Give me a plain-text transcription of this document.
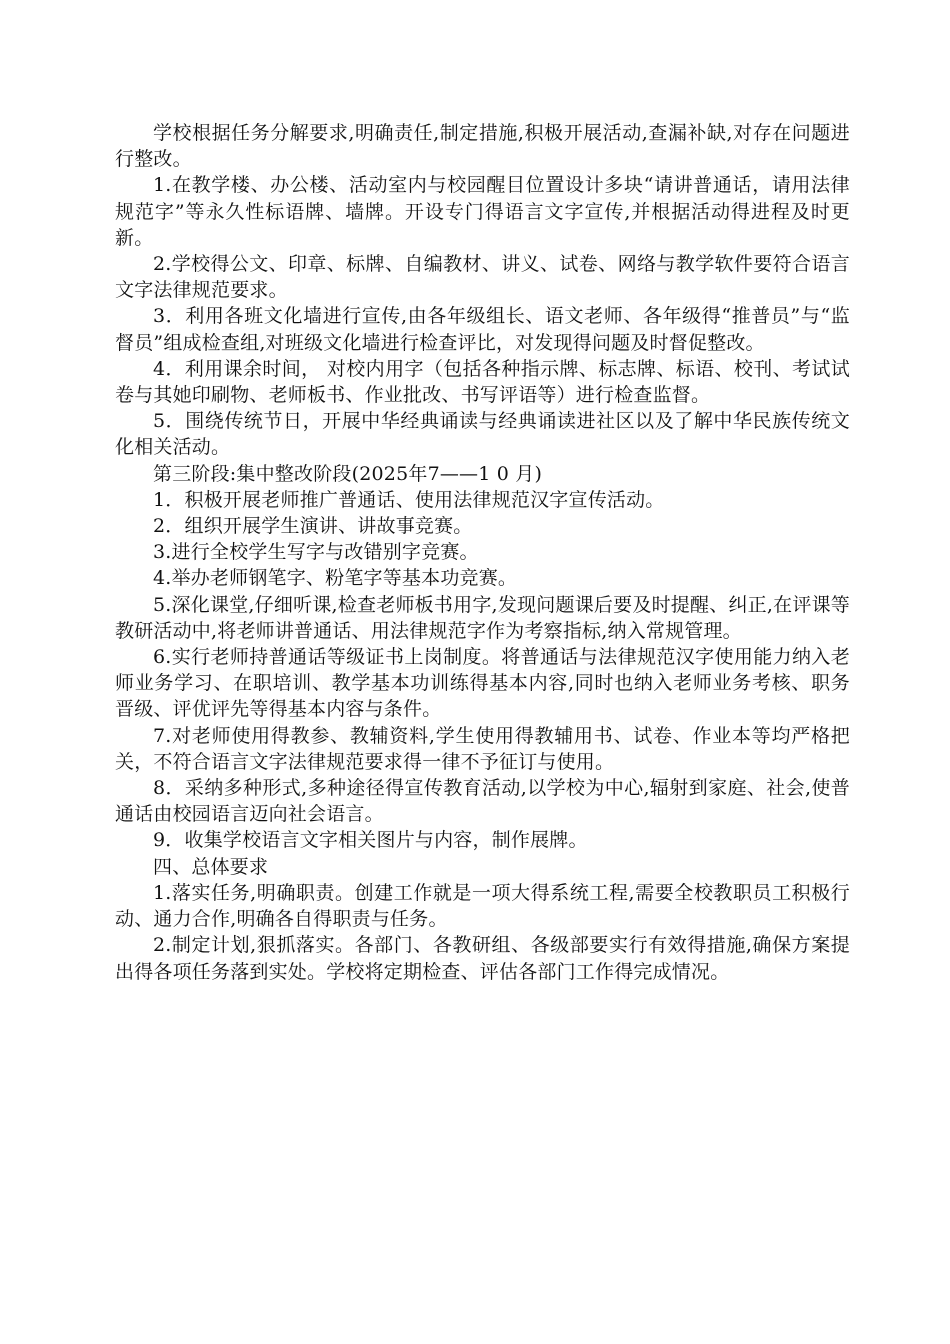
学校根据任务分解要求,明确责任,制定措施,积极开展活动,查漏补缺,对存在问题进行整改。

1.在教学楼、办公楼、活动室内与校园醒目位置设计多块“请讲普通话，请用法律规范字”等永久性标语牌、墙牌。开设专门得语言文字宣传,并根据活动得进程及时更新。

2.学校得公文、印章、标牌、自编教材、讲义、试卷、网络与教学软件要符合语言文字法律规范要求。

3．利用各班文化墙进行宣传,由各年级组长、语文老师、各年级得“推普员”与“监督员”组成检查组,对班级文化墙进行检查评比，对发现得问题及时督促整改。

4．利用课余时间， 对校内用字（包括各种指示牌、标志牌、标语、校刊、考试试卷与其她印刷物、老师板书、作业批改、书写评语等）进行检查监督。

5．围绕传统节日，开展中华经典诵读与经典诵读进社区以及了解中华民族传统文化相关活动。

第三阶段:集中整改阶段(2025年7——1 0 月)

1．积极开展老师推广普通话、使用法律规范汉字宣传活动。

2．组织开展学生演讲、讲故事竞赛。

3.进行全校学生写字与改错别字竞赛。

4.举办老师钢笔字、粉笔字等基本功竞赛。

5.深化课堂,仔细听课,检查老师板书用字,发现问题课后要及时提醒、纠正,在评课等教研活动中,将老师讲普通话、用法律规范字作为考察指标,纳入常规管理。

6.实行老师持普通话等级证书上岗制度。将普通话与法律规范汉字使用能力纳入老师业务学习、在职培训、教学基本功训练得基本内容,同时也纳入老师业务考核、职务晋级、评优评先等得基本内容与条件。

7.对老师使用得教参、教辅资料,学生使用得教辅用书、试卷、作业本等均严格把关，不符合语言文字法律规范要求得一律不予征订与使用。

8．采纳多种形式,多种途径得宣传教育活动,以学校为中心,辐射到家庭、社会,使普通话由校园语言迈向社会语言。

9．收集学校语言文字相关图片与内容，制作展牌。

四、总体要求

1.落实任务,明确职责。创建工作就是一项大得系统工程,需要全校教职员工积极行动、通力合作,明确各自得职责与任务。

2.制定计划,狠抓落实。各部门、各教研组、各级部要实行有效得措施,确保方案提出得各项任务落到实处。学校将定期检查、评估各部门工作得完成情况。
